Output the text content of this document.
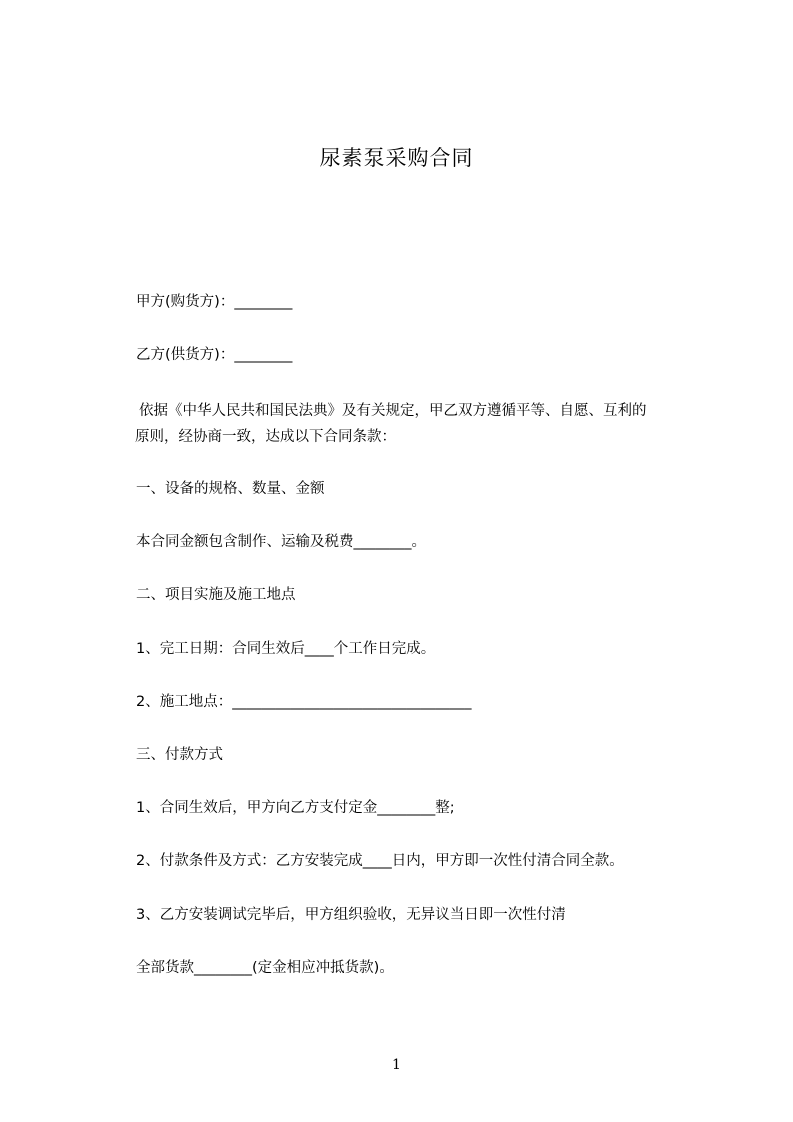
尿素泵采购合同
甲方(购货方)：________
乙方(供货方)：________
依据《中华人民共和国民法典》及有关规定，甲乙双方遵循平等、自愿、互利的
原则，经协商一致，达成以下合同条款：
一、设备的规格、数量、金额
本合同金额包含制作、运输及税费________。
二、项目实施及施工地点
1、完工日期：合同生效后____个工作日完成。
2、施工地点：_________________________________
三、付款方式
1、合同生效后，甲方向乙方支付定金________整;
2、付款条件及方式：乙方安装完成____日内，甲方即一次性付清合同全款。
3、乙方安装调试完毕后，甲方组织验收，无异议当日即一次性付清
全部货款________(定金相应冲抵货款)。
1
